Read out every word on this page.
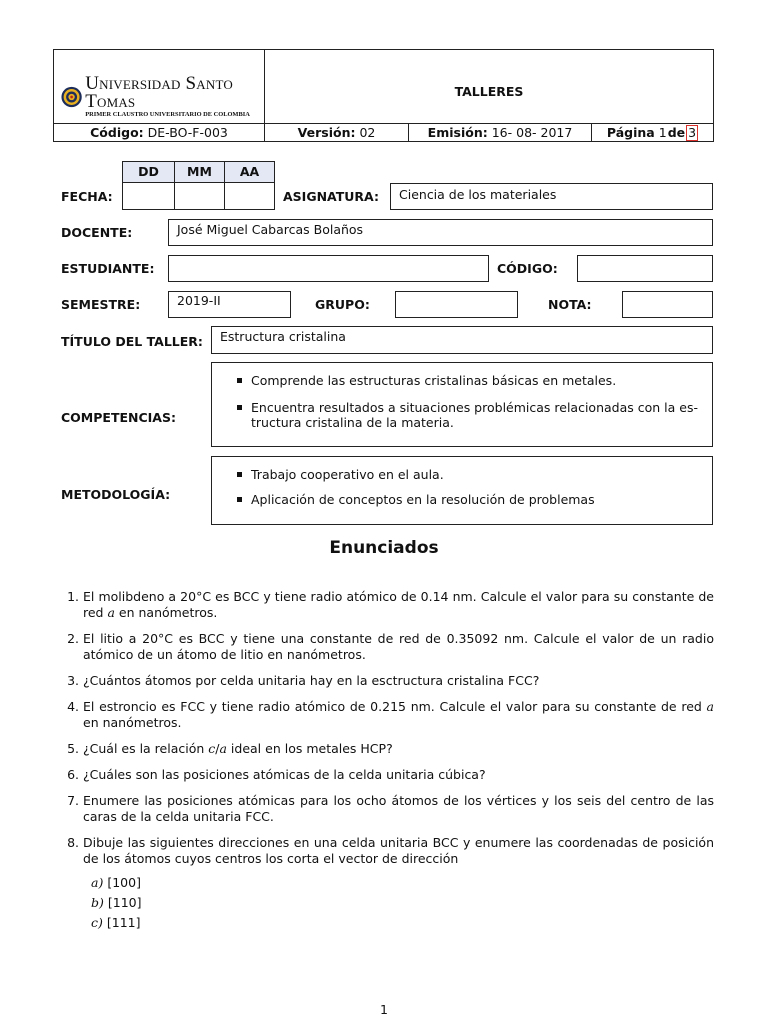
Universidad Santo Tomas
PRIMER CLAUSTRO UNIVERSITARIO DE COLOMBIA
TALLERES
Código: DE-BO-F-003	Versión: 02	Emisión: 16- 08- 2017	Página 1 de 3
DD	MM	AA
FECHA:	ASIGNATURA: Ciencia de los materiales
DOCENTE:	José Miguel Cabarcas Bolaños
ESTUDIANTE:	CÓDIGO:
SEMESTRE:	2019-II	GRUPO:	NOTA:
TÍTULO DEL TALLER: Estructura cristalina
COMPETENCIAS:
Comprende las estructuras cristalinas básicas en metales.
Encuentra resultados a situaciones problémicas relacionadas con la es-
tructura cristalina de la materia.
METODOLOGÍA:
Trabajo cooperativo en el aula.
Aplicación de conceptos en la resolución de problemas
Enunciados
1. El molibdeno a 20°C es BCC y tiene radio atómico de 0.14 nm. Calcule el valor para su constante de red a en nanómetros.
2. El litio a 20°C es BCC y tiene una constante de red de 0.35092 nm. Calcule el valor de un radio atómico de un átomo de litio en nanómetros.
3. ¿Cuántos átomos por celda unitaria hay en la esctructura cristalina FCC?
4. El estroncio es FCC y tiene radio atómico de 0.215 nm. Calcule el valor para su constante de red a en nanómetros.
5. ¿Cuál es la relación c/a ideal en los metales HCP?
6. ¿Cuáles son las posiciones atómicas de la celda unitaria cúbica?
7. Enumere las posiciones atómicas para los ocho átomos de los vértices y los seis del centro de las caras de la celda unitaria FCC.
8. Dibuje las siguientes direcciones en una celda unitaria BCC y enumere las coordenadas de posición de los átomos cuyos centros los corta el vector de dirección
a) [100]
b) [110]
c) [111]
1
